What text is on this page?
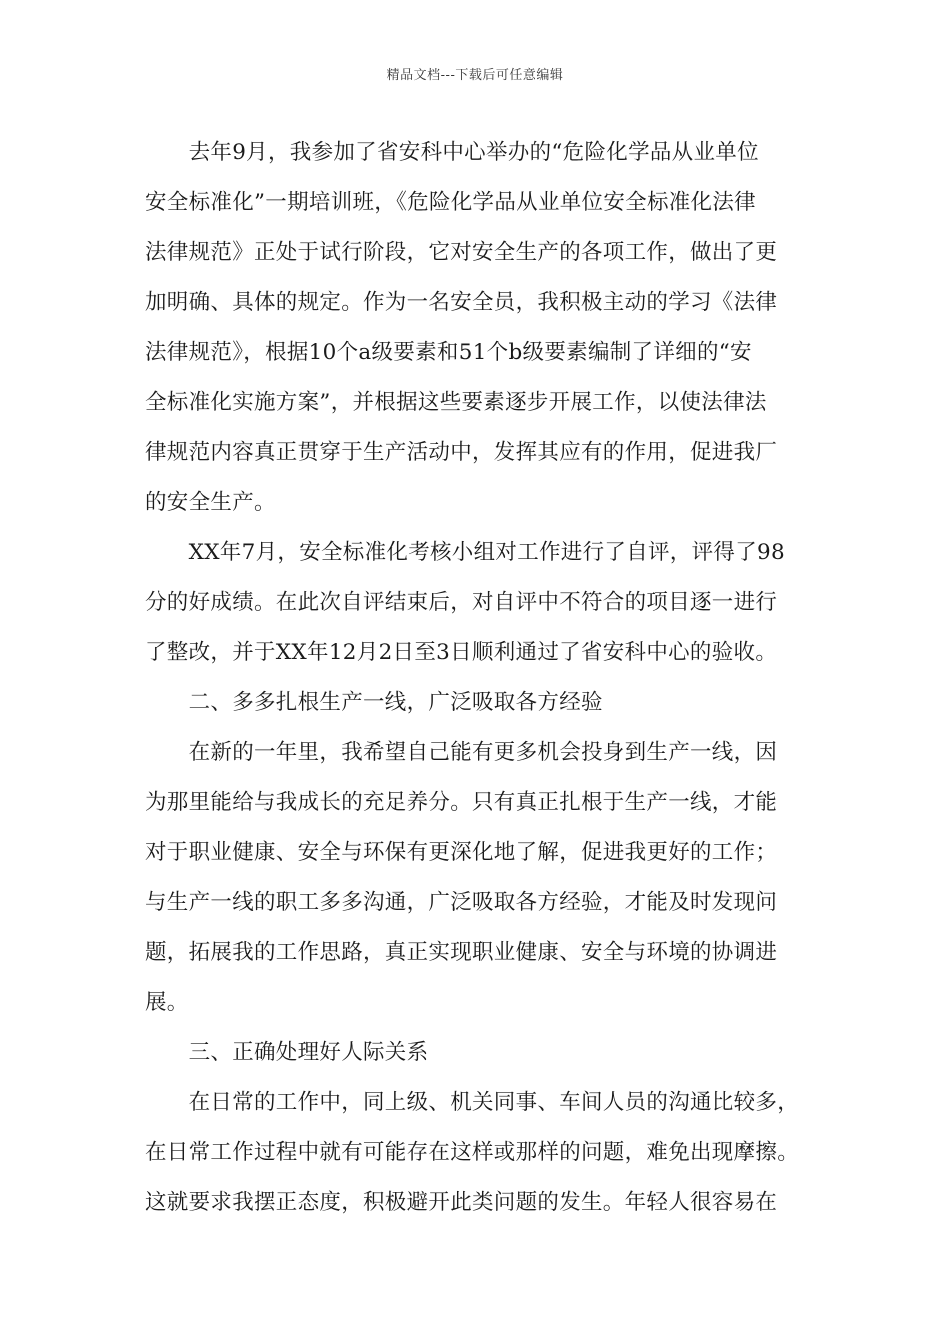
精品文档---下载后可任意编辑
　　去年9月，我参加了省安科中心举办的“危险化学品从业单位
安全标准化”一期培训班，《危险化学品从业单位安全标准化法律
法律规范》正处于试行阶段，它对安全生产的各项工作，做出了更
加明确、具体的规定。作为一名安全员，我积极主动的学习《法律
法律规范》，根据10个a级要素和51个b级要素编制了详细的“安
全标准化实施方案”，并根据这些要素逐步开展工作，以使法律法
律规范内容真正贯穿于生产活动中，发挥其应有的作用，促进我厂
的安全生产。
　　XX年7月，安全标准化考核小组对工作进行了自评，评得了98
分的好成绩。在此次自评结束后，对自评中不符合的项目逐一进行
了整改，并于XX年12月2日至3日顺利通过了省安科中心的验收。
　　二、多多扎根生产一线，广泛吸取各方经验
　　在新的一年里，我希望自己能有更多机会投身到生产一线，因
为那里能给与我成长的充足养分。只有真正扎根于生产一线，才能
对于职业健康、安全与环保有更深化地了解，促进我更好的工作；
与生产一线的职工多多沟通，广泛吸取各方经验，才能及时发现问
题，拓展我的工作思路，真正实现职业健康、安全与环境的协调进
展。
　　三、正确处理好人际关系
　　在日常的工作中，同上级、机关同事、车间人员的沟通比较多，
在日常工作过程中就有可能存在这样或那样的问题，难免出现摩擦。
这就要求我摆正态度，积极避开此类问题的发生。年轻人很容易在
